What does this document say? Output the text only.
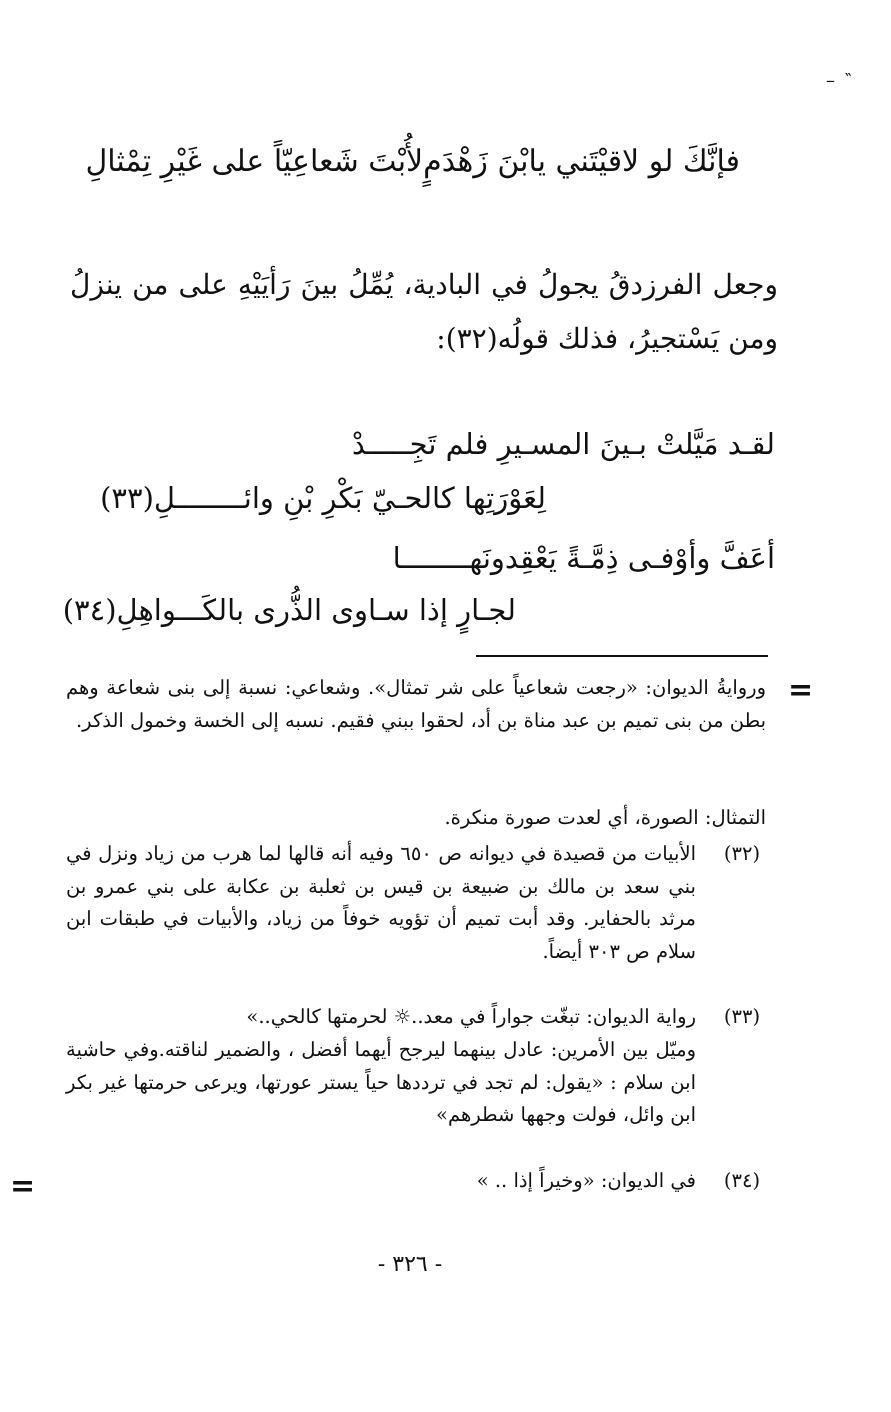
– ‶
فإنَّكَ لو لاقيْتَني يابْنَ زَهْدَمٍ
لأُبْتَ شَعاعِيّاً على غَيْرِ تِمْثالِ
وجعل الفرزدقُ يجولُ في البادية، يُمِّلُ بينَ رَأيَيْهِ على من ينزلُ ومن يَسْتجيرُ، فذلك قولُه(٣٢):
لقـد مَيَّلتْ بـينَ المسـيرِ فلم تَجِـــــدْ
لِعَوْرَتِها كالحـيّ بَكْرِ بْنِ وائــــــــلِ(٣٣)
أعَفَّ وأوْفـى ذِمَّـةً يَعْقِدونَهــــــــا
لجـارٍ إذا سـاوى الذُّرى بالكَـــواهِلِ(٣٤)
=
=
وروايةُ الديوان: «رجعت شعاعياً على شر تمثال». وشعاعي: نسبة إلى بنى شعاعة وهم بطن من بنى تميم بن عبد مناة بن أد، لحقوا ببني فقيم. نسبه إلى الخسة وخمول الذكر.
التمثال: الصورة، أي لعدت صورة منكرة.
(٣٢)
الأبيات من قصيدة في ديوانه ص ٦٥٠ وفيه أنه قالها لما هرب من زياد ونزل في بني سعد بن مالك بن ضبيعة بن قيس بن ثعلبة بن عكابة على بني عمرو بن مرثد بالحفاير. وقد أبت تميم أن تؤويه خوفاً من زياد، والأبيات في طبقات ابن سلام ص ٣٠٣ أيضاً.
(٣٣)
رواية الديوان: تبغّت جواراً في معد..☼ لحرمتها كالحي..»
وميّل بين الأمرين: عادل بينهما ليرجح أيهما أفضل ، والضمير لناقته.وفي حاشية ابن سلام : «يقول: لم تجد في ترددها حياً يستر عورتها، ويرعى حرمتها غير بكر ابن وائل، فولت وجهها شطرهم»
(٣٤)
في الديوان: «وخيراً إذا .. »
- ٣٢٦ -
